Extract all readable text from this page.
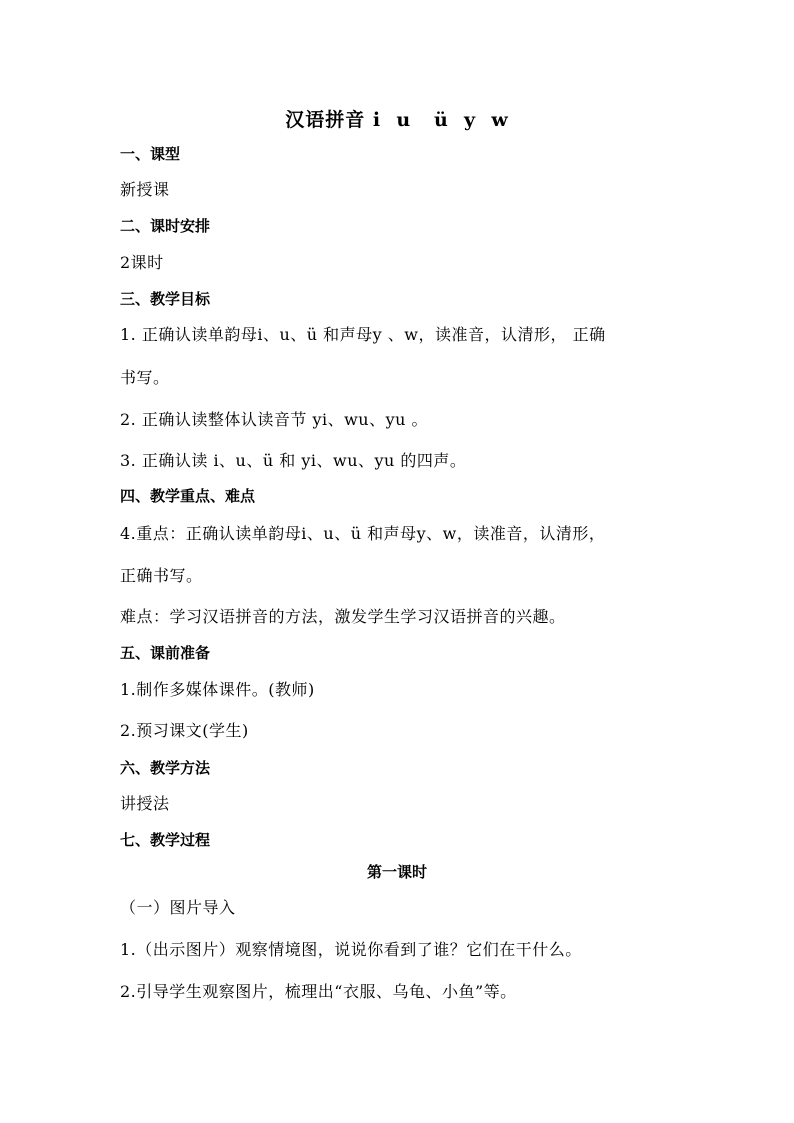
汉语拼音 i  u   ü  y  w
一、课型
新授课
二、课时安排
2课时
三、教学目标
1. 正确认读单韵母i、u、ü 和声母y 、w，读准音，认清形， 正确
书写。
2. 正确认读整体认读音节 yi、wu、yu 。
3. 正确认读 i、u、ü 和 yi、wu、yu 的四声。
四、教学重点、难点
4.重点：正确认读单韵母i、u、ü 和声母y、w，读准音，认清形，
正确书写。
难点：学习汉语拼音的方法，激发学生学习汉语拼音的兴趣。
五、课前准备
1.制作多媒体课件。(教师)
2.预习课文(学生)
六、教学方法
讲授法
七、教学过程
第一课时
（一）图片导入
1.（出示图片）观察情境图，说说你看到了谁？它们在干什么。
2.引导学生观察图片，梳理出“衣服、乌龟、小鱼”等。
